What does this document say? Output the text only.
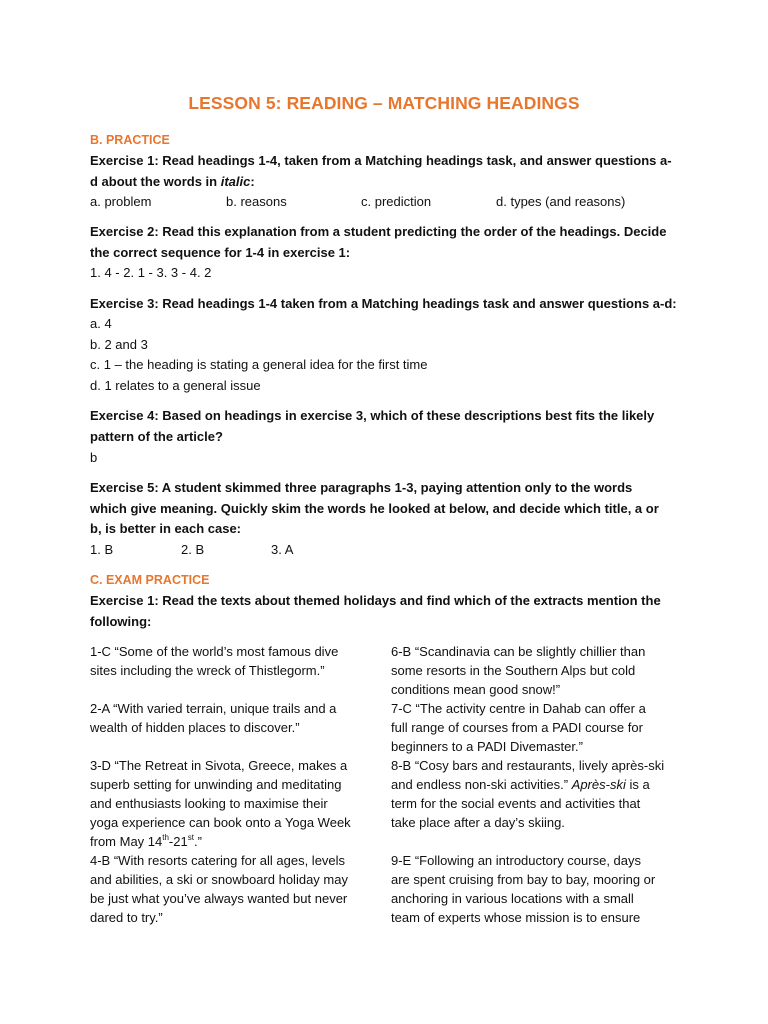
LESSON 5: READING – MATCHING HEADINGS
B. PRACTICE
Exercise 1: Read headings 1-4, taken from a Matching headings task, and answer questions a-
d about the words in italic:
a. problem	b. reasons	c. prediction	d. types (and reasons)
Exercise 2: Read this explanation from a student predicting the order of the headings. Decide
the correct sequence for 1-4 in exercise 1:
1. 4 - 2. 1 - 3. 3 - 4. 2
Exercise 3: Read headings 1-4 taken from a Matching headings task and answer questions a-d:
a. 4
b. 2 and 3
c. 1 – the heading is stating a general idea for the first time
d. 1 relates to a general issue
Exercise 4: Based on headings in exercise 3, which of these descriptions best fits the likely
pattern of the article?
b
Exercise 5: A student skimmed three paragraphs 1-3, paying attention only to the words
which give meaning. Quickly skim the words he looked at below, and decide which title, a or
b, is better in each case:
1. B	2. B	3. A
C. EXAM PRACTICE
Exercise 1: Read the texts about themed holidays and find which of the extracts mention the
following:

1-C “Some of the world’s most famous dive
sites including the wreck of Thistlegorm.”

2-A “With varied terrain, unique trails and a
wealth of hidden places to discover.”

3-D “The Retreat in Sivota, Greece, makes a
superb setting for unwinding and meditating
and enthusiasts looking to maximise their
yoga experience can book onto a Yoga Week
from May 14th-21st.”

4-B “With resorts catering for all ages, levels
and abilities, a ski or snowboard holiday may
be just what you’ve always wanted but never
dared to try.”

6-B “Scandinavia can be slightly chillier than
some resorts in the Southern Alps but cold
conditions mean good snow!”

7-C “The activity centre in Dahab can offer a
full range of courses from a PADI course for
beginners to a PADI Divemaster.”

8-B “Cosy bars and restaurants, lively après-ski
and endless non-ski activities.” Après-ski is a
term for the social events and activities that
take place after a day’s skiing.

9-E “Following an introductory course, days
are spent cruising from bay to bay, mooring or
anchoring in various locations with a small
team of experts whose mission is to ensure
